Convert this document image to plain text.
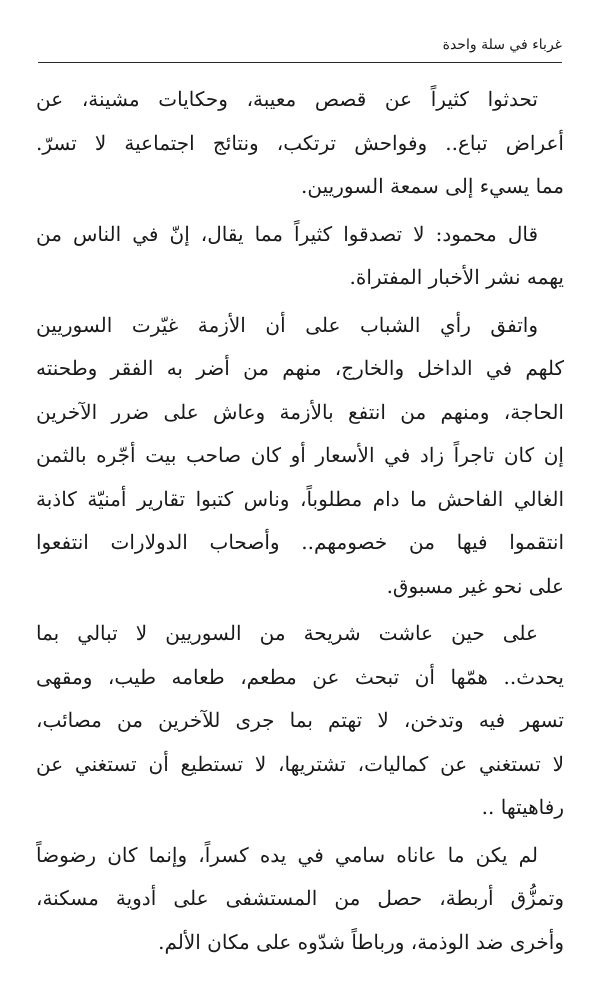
غرباء في سلة واحدة
تحدثوا كثيراً عن قصص معيبة، وحكايات مشينة، عن
أعراض تباع.. وفواحش ترتكب، ونتائج اجتماعية لا تسرّ.
مما يسيء إلى سمعة السوريين.
قال محمود: لا تصدقوا كثيراً مما يقال، إنّ في الناس من
يهمه نشر الأخبار المفتراة.
واتفق رأي الشباب على أن الأزمة غيّرت السوريين
كلهم في الداخل والخارج، منهم من أضر به الفقر وطحنته
الحاجة، ومنهم من انتفع بالأزمة وعاش على ضرر الآخرين
إن كان تاجراً زاد في الأسعار أو كان صاحب بيت أجّره بالثمن
الغالي الفاحش ما دام مطلوباً، وناس كتبوا تقارير أمنيّة كاذبة
انتقموا فيها من خصومهم.. وأصحاب الدولارات انتفعوا
على نحو غير مسبوق.
على حين عاشت شريحة من السوريين لا تبالي بما
يحدث.. همّها أن تبحث عن مطعم، طعامه طيب، ومقهى
تسهر فيه وتدخن، لا تهتم بما جرى للآخرين من مصائب،
لا تستغني عن كماليات، تشتريها، لا تستطيع أن تستغني عن
رفاهيتها ..
لم يكن ما عاناه سامي في يده كسراً، وإنما كان رضوضاً
وتمزُّق أربطة، حصل من المستشفى على أدوية مسكنة،
وأخرى ضد الوذمة، ورباطاً شدّوه على مكان الألم.
